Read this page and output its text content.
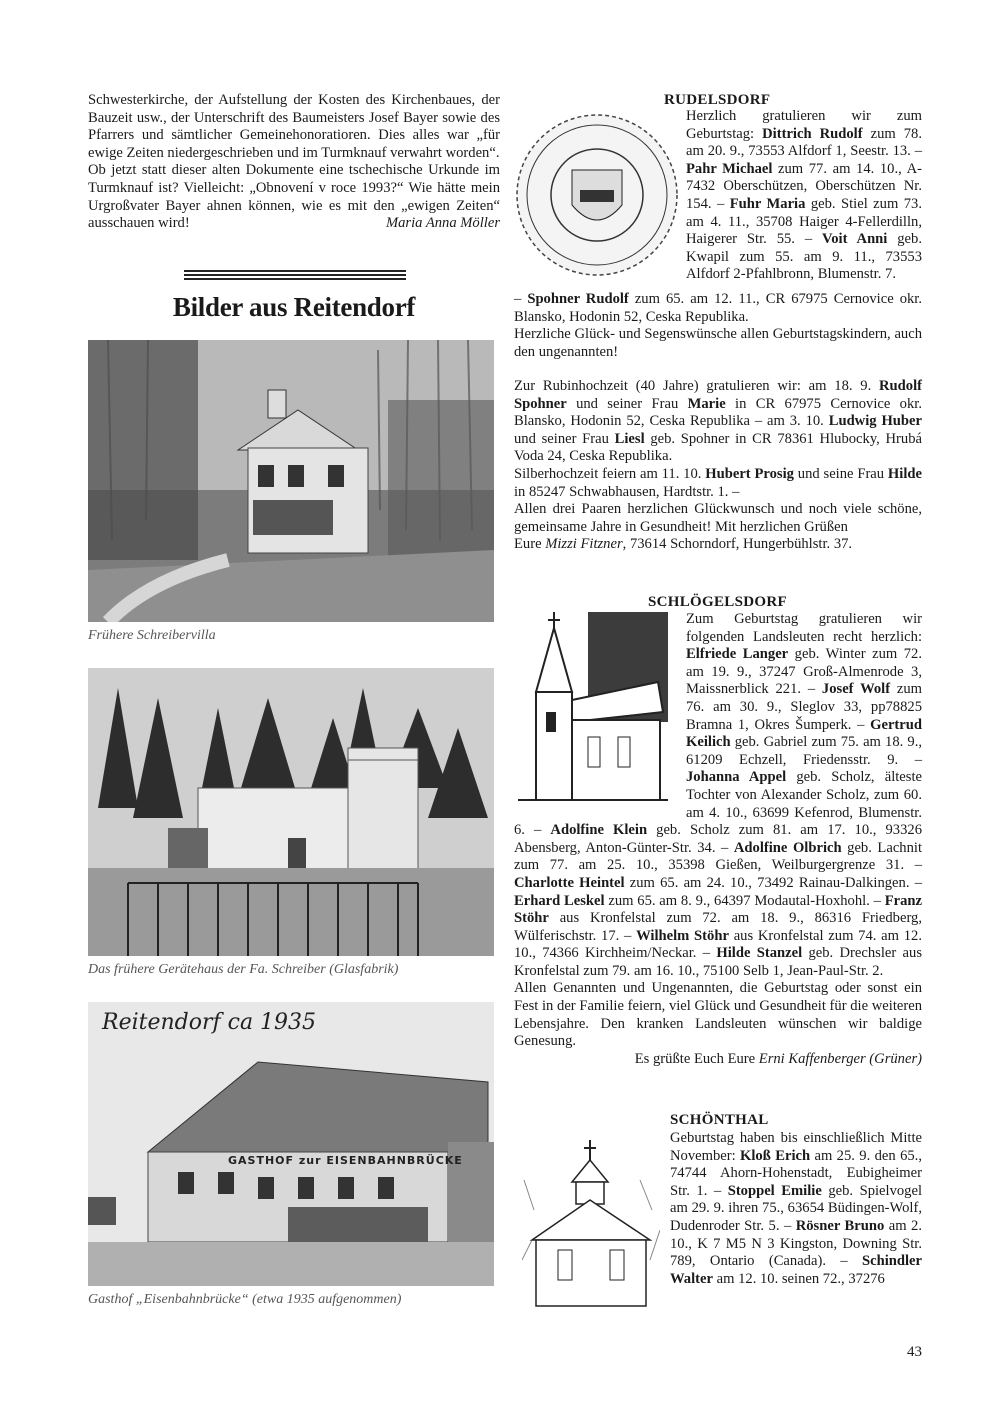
Schwesterkirche, der Aufstellung der Kosten des Kirchenbaues, der Bauzeit usw., der Unterschrift des Baumeisters Josef Bayer sowie des Pfarrers und sämtlicher Gemeinehonoratioren. Dies alles war „für ewige Zeiten niedergeschrieben und im Turmknauf verwahrt worden“.
Ob jetzt statt dieser alten Dokumente eine tschechische Urkunde im Turmknauf ist? Vielleicht: „Obnovení v roce 1993?“ Wie hätte mein Urgroßvater Bayer ahnen können, wie es mit den „ewigen Zeiten“ ausschauen wird!	Maria Anna Möller
Bilder aus Reitendorf
Frühere Schreibervilla
Das frühere Gerätehaus der Fa. Schreiber (Glasfabrik)
Reitendorf ca 1935
GASTHOF zur EISENBAHNBRÜCKE
Gasthof „Eisenbahnbrücke“ (etwa 1935 aufgenommen)
RUDELSDORF
Herzlich gratulieren wir zum Geburtstag: Dittrich Rudolf zum 78. am 20. 9., 73553 Alfdorf 1, Seestr. 13. – Pahr Michael zum 77. am 14. 10., A-7432 Oberschützen, Oberschützen Nr. 154. – Fuhr Maria geb. Stiel zum 73. am 4. 11., 35708 Haiger 4-Fellerdilln, Haigerer Str. 55. – Voit Anni geb. Kwapil zum 55. am 9. 11., 73553 Alfdorf 2-Pfahlbronn, Blumenstr. 7.
– Spohner Rudolf zum 65. am 12. 11., CR 67975 Cernovice okr. Blansko, Hodonin 52, Ceska Republika.
Herzliche Glück- und Segenswünsche allen Geburtstagskindern, auch den ungenannten!
Zur Rubinhochzeit (40 Jahre) gratulieren wir: am 18. 9. Rudolf Spohner und seiner Frau Marie in CR 67975 Cernovice okr. Blansko, Hodonin 52, Ceska Republika – am 3. 10. Ludwig Huber und seiner Frau Liesl geb. Spohner in CR 78361 Hlubocky, Hrubá Voda 24, Ceska Republika.
Silberhochzeit feiern am 11. 10. Hubert Prosig und seine Frau Hilde in 85247 Schwabhausen, Hardtstr. 1. –
Allen drei Paaren herzlichen Glückwunsch und noch viele schöne, gemeinsame Jahre in Gesundheit! Mit herzlichen Grüßen
Eure Mizzi Fitzner, 73614 Schorndorf, Hungerbühlstr. 37.
SCHLÖGELSDORF
Zum Geburtstag gratulieren wir folgenden Landsleuten recht herzlich: Elfriede Langer geb. Winter zum 72. am 19. 9., 37247 Groß-Almenrode 3, Maissnerblick 221. – Josef Wolf zum 76. am 30. 9., Sleglov 33, pp78825 Bramna 1, Okres Šumperk. – Gertrud Keilich geb. Gabriel zum 75. am 18. 9., 61209 Echzell, Friedensstr. 9. – Johanna Appel geb. Scholz, älteste Tochter von Alexander Scholz, zum 60. am 4. 10., 63699 Kefenrod, Blumenstr. 6. – Adolfine Klein geb. Scholz zum 81. am 17. 10., 93326 Abensberg, Anton-Günter-Str. 34. – Adolfine Olbrich geb. Lachnit zum 77. am 25. 10., 35398 Gießen, Weilburgergrenze 31. – Charlotte Heintel zum 65. am 24. 10., 73492 Rainau-Dalkingen. – Erhard Leskel zum 65. am 8. 9., 64397 Modautal-Hoxhohl. – Franz Stöhr aus Kronfelstal zum 72. am 18. 9., 86316 Friedberg, Wülferischstr. 17. – Wilhelm Stöhr aus Kronfelstal zum 74. am 12. 10., 74366 Kirchheim/Neckar. – Hilde Stanzel geb. Drechsler aus Kronfelstal zum 79. am 16. 10., 75100 Selb 1, Jean-Paul-Str. 2.
Allen Genannten und Ungenannten, die Geburtstag oder sonst ein Fest in der Familie feiern, viel Glück und Gesundheit für die weiteren Lebensjahre. Den kranken Landsleuten wünschen wir baldige Genesung.
Es grüßte Euch Eure Erni Kaffenberger (Grüner)
SCHÖNTHAL
Geburtstag haben bis einschließlich Mitte November: Kloß Erich am 25. 9. den 65., 74744 Ahorn-Hohenstadt, Eubigheimer Str. 1. – Stoppel Emilie geb. Spielvogel am 29. 9. ihren 75., 63654 Büdingen-Wolf, Dudenroder Str. 5. – Rösner Bruno am 2. 10., K 7 M5 N 3 Kingston, Downing Str. 789, Ontario (Canada). – Schindler Walter am 12. 10. seinen 72., 37276
43
